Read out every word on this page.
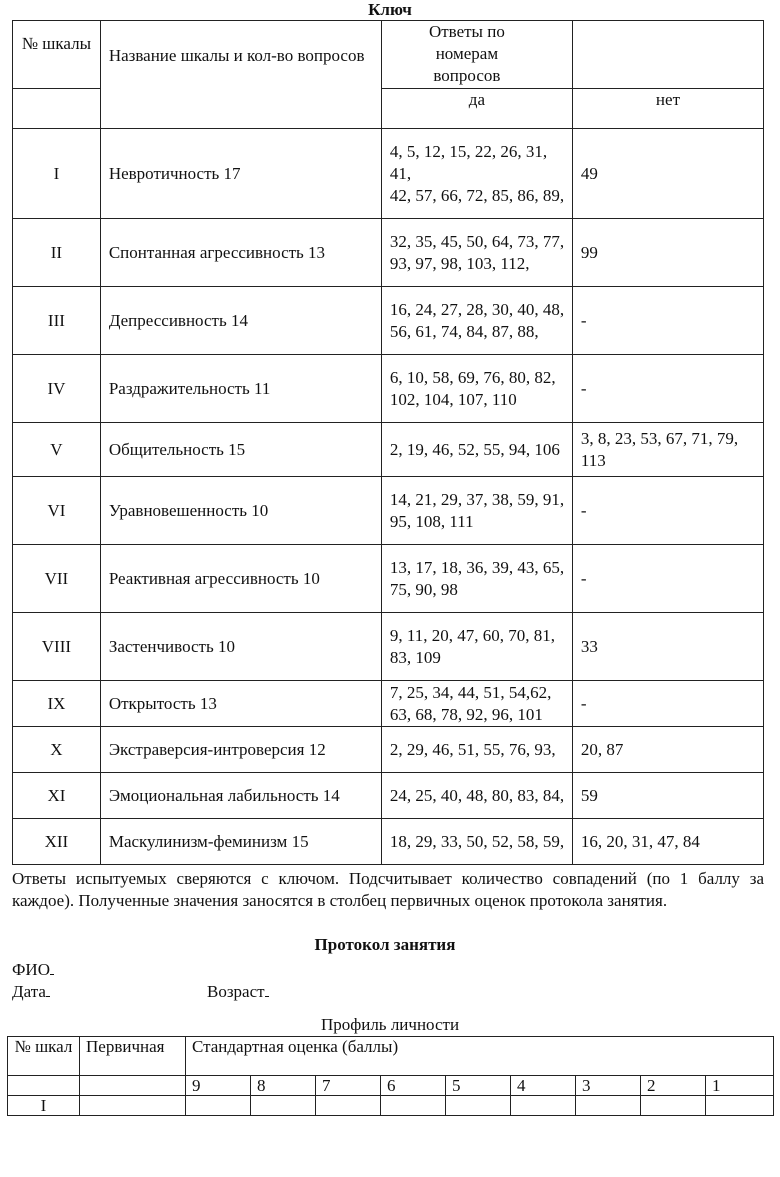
Ключ
№ шкалы	Название шкалы и кол-во вопросов	Ответы по номерам вопросов	
		да	нет
I	Невротичность 17	4, 5, 12, 15, 22, 26, 31, 41,
42, 57, 66, 72, 85, 86, 89,	49
II	Спонтанная агрессивность 13	32, 35, 45, 50, 64, 73, 77,
93, 97, 98, 103, 112,	99
III	Депрессивность 14	16, 24, 27, 28, 30, 40, 48,
56, 61, 74, 84, 87, 88,	-
IV	Раздражительность 11	6, 10, 58, 69, 76, 80, 82,
102, 104, 107, 110	-
V	Общительность 15	2, 19, 46, 52, 55, 94, 106	3, 8, 23, 53, 67, 71, 79, 113
VI	Уравновешенность 10	14, 21, 29, 37, 38, 59, 91,
95, 108, 111	-
VII	Реактивная агрессивность 10	13, 17, 18, 36, 39, 43, 65,
75, 90, 98	-
VIII	Застенчивость 10	9, 11, 20, 47, 60, 70, 81,
83, 109	33
IX	Открытость 13	7, 25, 34, 44, 51, 54,62, 63, 68, 78, 92, 96, 101	-
X	Экстраверсия-интроверсия 12	2, 29, 46, 51, 55, 76, 93,	20, 87
XI	Эмоциональная лабильность 14	24, 25, 40, 48, 80, 83, 84,	59
XII	Маскулинизм-феминизм 15	18, 29, 33, 50, 52, 58, 59,	16, 20, 31, 47, 84
Ответы испытуемых сверяются с ключом. Подсчитывает количество совпадений (по 1 баллу за каждое). Полученные значения заносятся в столбец первичных оценок протокола занятия.
Протокол занятия
ФИО
Дата	Возраст
Профиль личности
№ шкал	Первичная	Стандартная оценка (баллы)								
		9	8	7	6	5	4	3	2	1
I										
